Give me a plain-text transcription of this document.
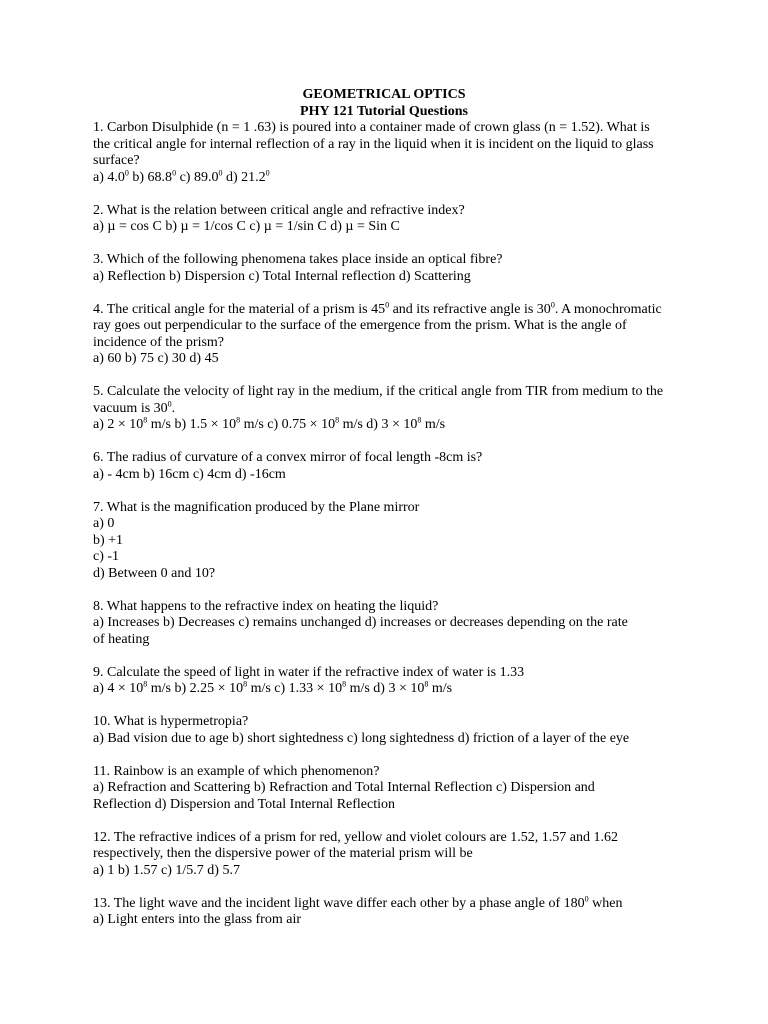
GEOMETRICAL OPTICS
PHY 121 Tutorial Questions
1. Carbon Disulphide (n = 1 .63) is poured into a container made of crown glass (n = 1.52). What is
the critical angle for internal reflection of a ray in the liquid when it is incident on the liquid to glass
surface?
a) $4.0^0$ b) 68.8$^0$ c) 89.0$^0$ d) 21.2$^0$
2. What is the relation between critical angle and refractive index?
a) µ = cos C b) µ = 1/cos C c) µ = 1/sin C d) µ = Sin C
3. Which of the following phenomena takes place inside an optical fibre?
a) Reflection b) Dispersion c) Total Internal reflection d) Scattering
4. The critical angle for the material of a prism is $45^0$ and its refractive angle is $30^0$. A monochromatic
ray goes out perpendicular to the surface of the emergence from the prism. What is the angle of
incidence of the prism?
a) 60 b) 75 c) 30 d) 45
5. Calculate the velocity of light ray in the medium, if the critical angle from TIR from medium to the
vacuum is $30^0$.
a) $2 \times 10^8$ m/s b) $1.5 \times 10^8$ m/s c) $0.75 \times 10^8$ m/s d) $3 \times 10^8$ m/s
6. The radius of curvature of a convex mirror of focal length -8cm is?
a) - 4cm b) 16cm c) 4cm d) -16cm
7. What is the magnification produced by the Plane mirror
a) 0
b) +1
c) -1
d) Between 0 and 10?
8. What happens to the refractive index on heating the liquid?
a) Increases b) Decreases c) remains unchanged d) increases or decreases depending on the rate
of heating
9. Calculate the speed of light in water if the refractive index of water is 1.33
a) $4 \times 10^8$ m/s b) $2.25 \times 10^8$ m/s c) $1.33 \times 10^8$ m/s d) $3 \times 10^8$ m/s
10. What is hypermetropia?
a) Bad vision due to age b) short sightedness c) long sightedness d) friction of a layer of the eye
11. Rainbow is an example of which phenomenon?
a) Refraction and Scattering b) Refraction and Total Internal Reflection c) Dispersion and
Reflection d) Dispersion and Total Internal Reflection
12. The refractive indices of a prism for red, yellow and violet colours are 1.52, 1.57 and 1.62
respectively, then the dispersive power of the material prism will be
a) 1 b) 1.57 c) 1/5.7 d) 5.7
13. The light wave and the incident light wave differ each other by a phase angle of $180^0$ when
a) Light enters into the glass from air
